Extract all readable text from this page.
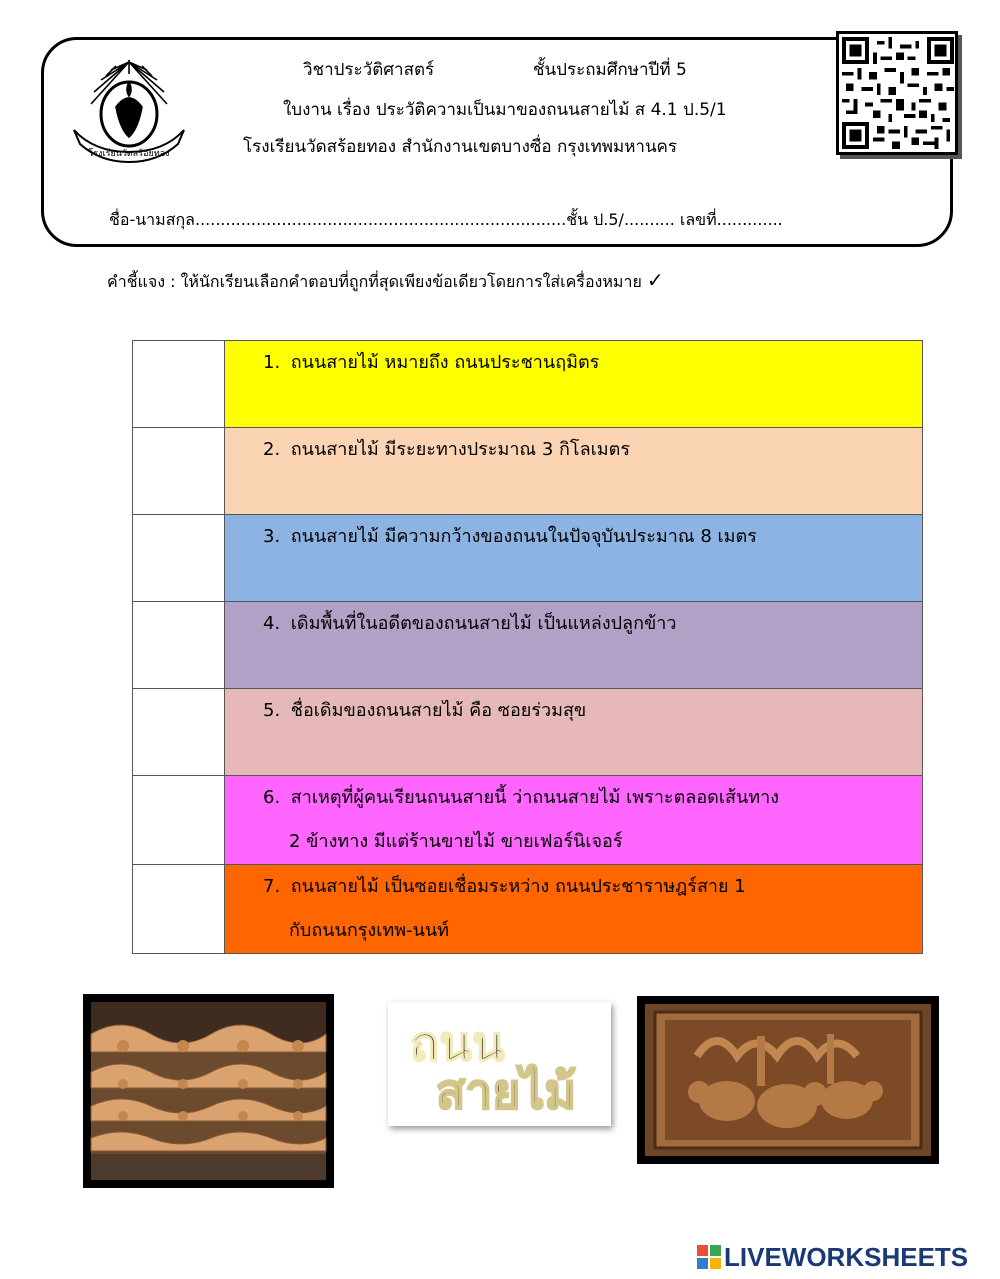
โรงเรียนวัดสร้อยทอง
วิชาประวัติศาสตร์	ชั้นประถมศึกษาปีที่ 5
ใบงาน เรื่อง ประวัติความเป็นมาของถนนสายไม้ ส 4.1 ป.5/1
โรงเรียนวัดสร้อยทอง สำนักงานเขตบางซื่อ กรุงเทพมหานคร
ชื่อ-นามสกุล.........................................................................ชั้น ป.5/.......... เลขที่.............
คำชี้แจง : ให้นักเรียนเลือกคำตอบที่ถูกที่สุดเพียงข้อเดียวโดยการใส่เครื่องหมาย ✓

	1. ถนนสายไม้ หมายถึง ถนนประชานฤมิตร

	2. ถนนสายไม้ มีระยะทางประมาณ 3 กิโลเมตร

	3. ถนนสายไม้ มีความกว้างของถนนในปัจจุบันประมาณ 8 เมตร

	4. เดิมพื้นที่ในอดีตของถนนสายไม้ เป็นแหล่งปลูกข้าว

	5. ชื่อเดิมของถนนสายไม้ คือ ซอยร่วมสุข

	6. สาเหตุที่ผู้คนเรียนถนนสายนี้ ว่าถนนสายไม้ เพราะตลอดเส้นทาง
2 ข้างทาง มีแต่ร้านขายไม้ ขายเฟอร์นิเจอร์

	7. ถนนสายไม้ เป็นซอยเชื่อมระหว่าง ถนนประชาราษฎร์สาย 1
กับถนนกรุงเทพ-นนท์
ถนน
สายไม้
LIVEWORKSHEETS
